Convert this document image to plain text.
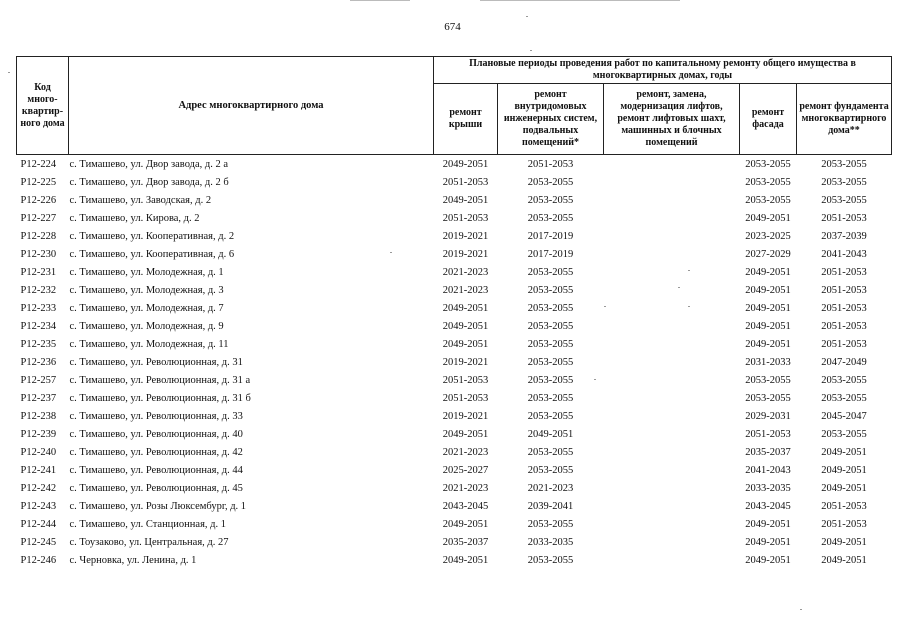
674
Код много-квартир-ного дома	Адрес многоквартирного дома	Плановые периоды проведения работ по капитальному ремонту общего имущества в многоквартирных домах, годы				
		ремонт крыши	ремонт внутридомовых инженерных систем, подвальных помещений*	ремонт, замена, модернизация лифтов, ремонт лифтовых шахт, машинных и блочных помещений	ремонт фасада	ремонт фундамента многоквартирного дома**
Р12-224	с. Тимашево, ул. Двор завода, д. 2 а	2049-2051	2051-2053		2053-2055	2053-2055
Р12-225	с. Тимашево, ул. Двор завода, д. 2 б	2051-2053	2053-2055		2053-2055	2053-2055
Р12-226	с. Тимашево, ул. Заводская, д. 2	2049-2051	2053-2055		2053-2055	2053-2055
Р12-227	с. Тимашево, ул. Кирова, д. 2	2051-2053	2053-2055		2049-2051	2051-2053
Р12-228	с. Тимашево, ул. Кооперативная, д. 2	2019-2021	2017-2019		2023-2025	2037-2039
Р12-230	с. Тимашево, ул. Кооперативная, д. 6	2019-2021	2017-2019		2027-2029	2041-2043
Р12-231	с. Тимашево, ул. Молодежная, д. 1	2021-2023	2053-2055		2049-2051	2051-2053
Р12-232	с. Тимашево, ул. Молодежная, д. 3	2021-2023	2053-2055		2049-2051	2051-2053
Р12-233	с. Тимашево, ул. Молодежная, д. 7	2049-2051	2053-2055		2049-2051	2051-2053
Р12-234	с. Тимашево, ул. Молодежная, д. 9	2049-2051	2053-2055		2049-2051	2051-2053
Р12-235	с. Тимашево, ул. Молодежная, д. 11	2049-2051	2053-2055		2049-2051	2051-2053
Р12-236	с. Тимашево, ул. Революционная, д. 31	2019-2021	2053-2055		2031-2033	2047-2049
Р12-257	с. Тимашево, ул. Революционная, д. 31 а	2051-2053	2053-2055		2053-2055	2053-2055
Р12-237	с. Тимашево, ул. Революционная, д. 31 б	2051-2053	2053-2055		2053-2055	2053-2055
Р12-238	с. Тимашево, ул. Революционная, д. 33	2019-2021	2053-2055		2029-2031	2045-2047
Р12-239	с. Тимашево, ул. Революционная, д. 40	2049-2051	2049-2051		2051-2053	2053-2055
Р12-240	с. Тимашево, ул. Революционная, д. 42	2021-2023	2053-2055		2035-2037	2049-2051
Р12-241	с. Тимашево, ул. Революционная, д. 44	2025-2027	2053-2055		2041-2043	2049-2051
Р12-242	с. Тимашево, ул. Революционная, д. 45	2021-2023	2021-2023		2033-2035	2049-2051
Р12-243	с. Тимашево, ул. Розы Люксембург, д. 1	2043-2045	2039-2041		2043-2045	2051-2053
Р12-244	с. Тимашево, ул. Станционная, д. 1	2049-2051	2053-2055		2049-2051	2051-2053
Р12-245	с. Тоузаково, ул. Центральная, д. 27	2035-2037	2033-2035		2049-2051	2049-2051
Р12-246	с. Черновка, ул. Ленина, д. 1	2049-2051	2053-2055		2049-2051	2049-2051
